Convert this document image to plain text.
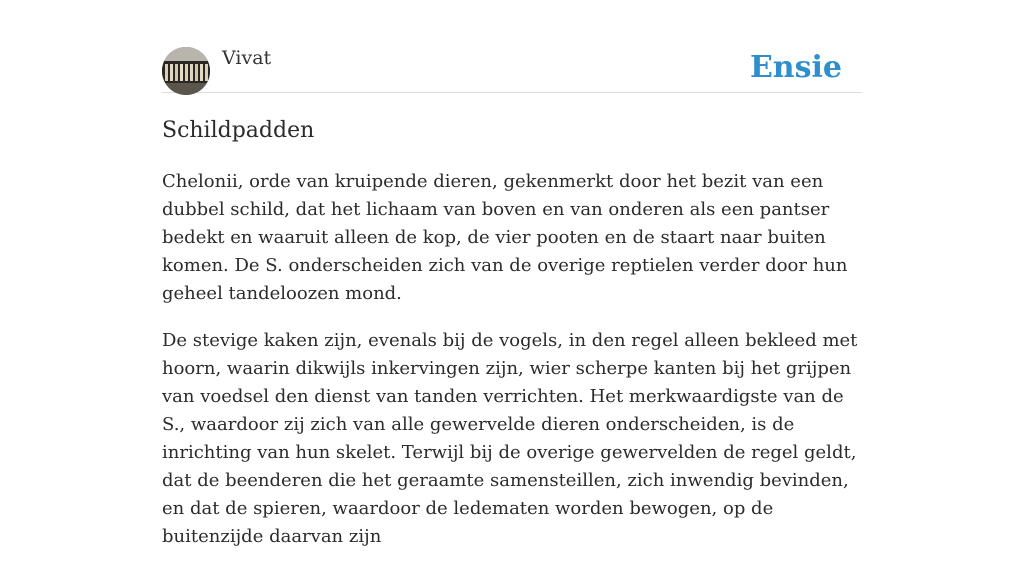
Vivat	Ensie
Schildpadden

Chelonii, orde van kruipende dieren, gekenmerkt door het bezit van een dubbel schild, dat het lichaam van boven en van onderen als een pantser bedekt en waaruit alleen de kop, de vier pooten en de staart naar buiten komen. De S. onderscheiden zich van de overige reptielen verder door hun geheel tandeloozen mond.

De stevige kaken zijn, evenals bij de vogels, in den regel alleen bekleed met hoorn, waarin dikwijls inkervingen zijn, wier scherpe kanten bij het grijpen van voedsel den dienst van tanden verrichten. Het merkwaardigste van de S., waardoor zij zich van alle gewervelde dieren onderscheiden, is de inrichting van hun skelet. Terwijl bij de overige gewervelden de regel geldt, dat de beenderen die het geraamte samensteillen, zich inwendig bevinden, en dat de spieren, waardoor de ledematen worden bewogen, op de buitenzijde daarvan zijn
